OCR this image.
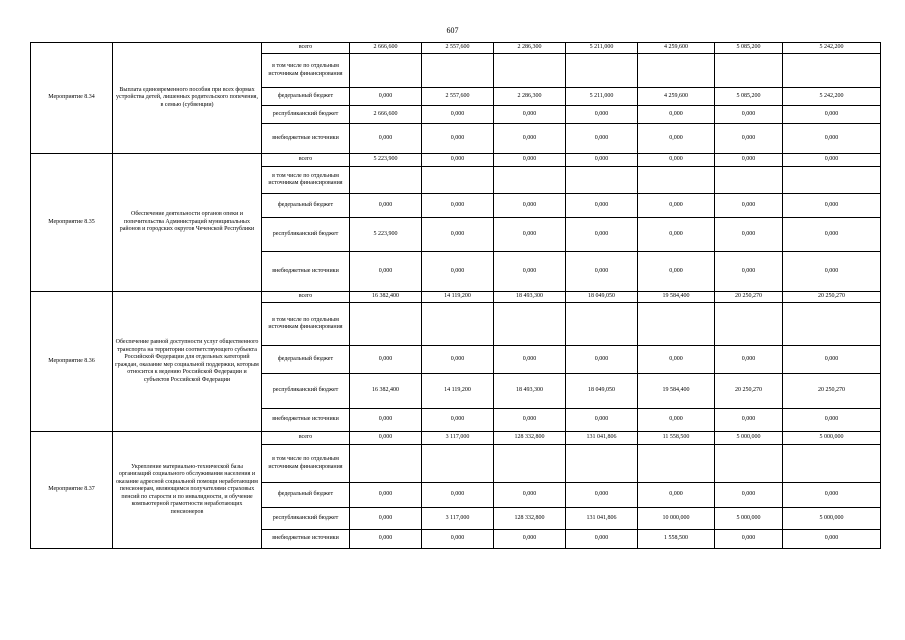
607
Мероприятие 8.34	Выплата единовременного пособия при всех формах устройства детей, лишенных родительского попечения, в семью (субвенции)	всего	2 666,600	2 557,600	2 286,300	5 211,000	4 259,600	5 085,200	5 242,200
		в том числе по отдельным источникам финансирования							
		федеральный бюджет	0,000	2 557,600	2 286,300	5 211,000	4 259,600	5 085,200	5 242,200
		республиканский бюджет	2 666,600	0,000	0,000	0,000	0,000	0,000	0,000
		внебюджетные источники	0,000	0,000	0,000	0,000	0,000	0,000	0,000
Мероприятие 8.35	Обеспечение деятельности органов опеки и попечительства Администраций муниципальных районов и городских округов Чеченской Республики	всего	5 223,900	0,000	0,000	0,000	0,000	0,000	0,000
		в том числе по отдельным источникам финансирования							
		федеральный бюджет	0,000	0,000	0,000	0,000	0,000	0,000	0,000
		республиканский бюджет	5 223,900	0,000	0,000	0,000	0,000	0,000	0,000
		внебюджетные источники	0,000	0,000	0,000	0,000	0,000	0,000	0,000
Мероприятие 8.36	Обеспечение равной доступности услуг общественного транспорта на территории соответствующего субъекта Российской Федерации для отдельных категорий граждан, оказание мер социальной поддержки, которым относится к ведению Российской Федерации и субъектов Российской Федерации	всего	16 382,400	14 119,200	18 493,300	18 049,050	19 584,400	20 250,270	20 250,270
		в том числе по отдельным источникам финансирования							
		федеральный бюджет	0,000	0,000	0,000	0,000	0,000	0,000	0,000
		республиканский бюджет	16 382,400	14 119,200	18 493,300	18 049,050	19 584,400	20 250,270	20 250,270
		внебюджетные источники	0,000	0,000	0,000	0,000	0,000	0,000	0,000
Мероприятие 8.37	Укрепление материально-технической базы организаций социального обслуживания населения и оказание адресной социальной помощи неработающим пенсионерам, являющимся получателями страховых пенсий по старости и по инвалидности, и обучение компьютерной грамотности неработающих пенсионеров	всего	0,000	3 117,000	128 332,800	131 041,806	11 558,500	5 000,000	5 000,000
		в том числе по отдельным источникам финансирования							
		федеральный бюджет	0,000	0,000	0,000	0,000	0,000	0,000	0,000
		республиканский бюджет	0,000	3 117,000	128 332,800	131 041,806	10 000,000	5 000,000	5 000,000
		внебюджетные источники	0,000	0,000	0,000	0,000	1 558,500	0,000	0,000
